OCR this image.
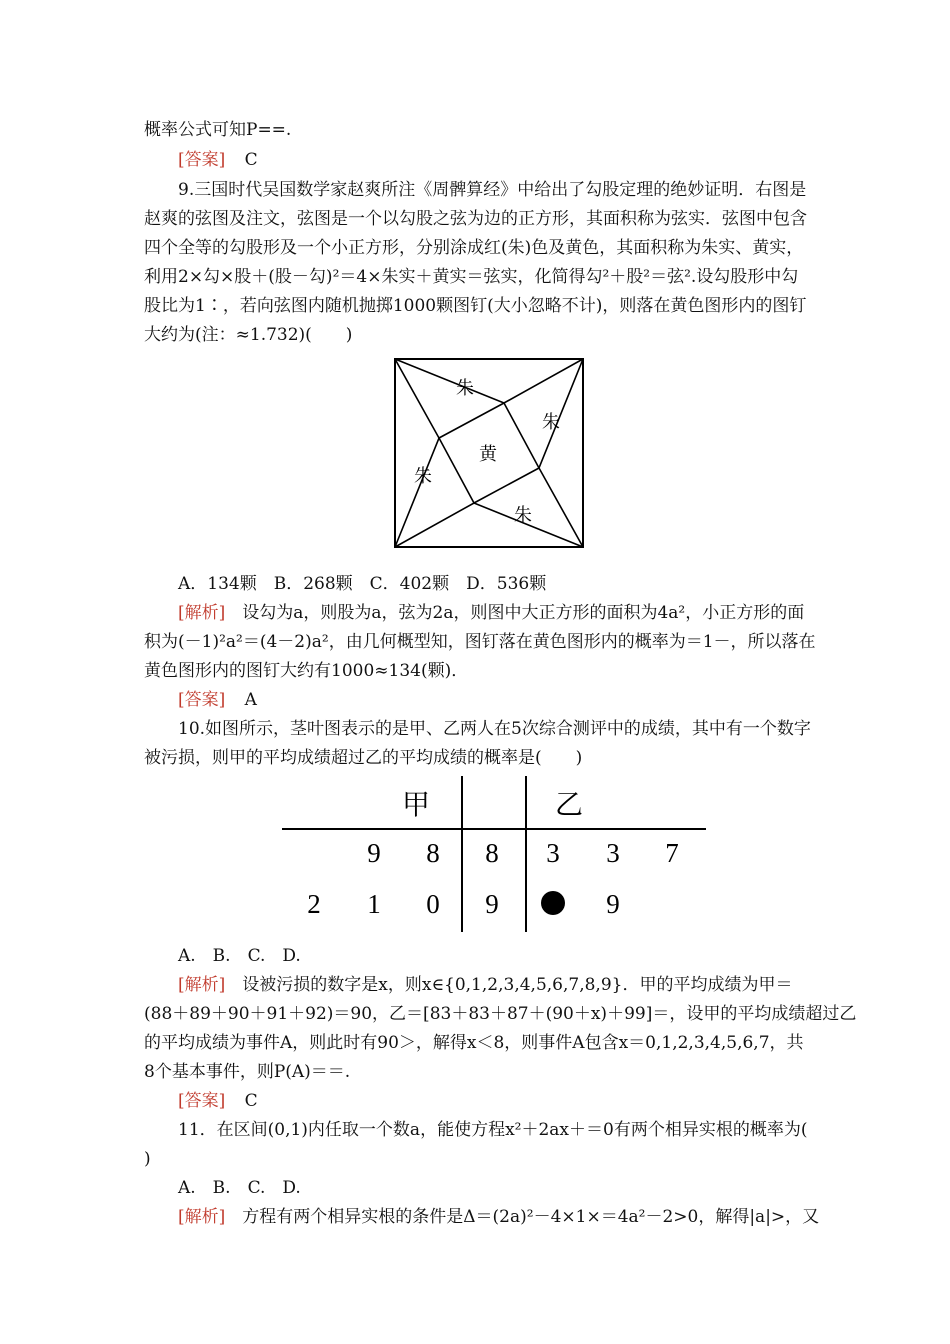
概率公式可知P==.
[答案] C
9.三国时代吴国数学家赵爽所注《周髀算经》中给出了勾股定理的绝妙证明．右图是
赵爽的弦图及注文，弦图是一个以勾股之弦为边的正方形，其面积称为弦实．弦图中包含
四个全等的勾股形及一个小正方形，分别涂成红(朱)色及黄色，其面积称为朱实、黄实，
利用2×勾×股＋(股－勾)²＝4×朱实＋黄实＝弦实，化简得勾²＋股²＝弦².设勾股形中勾
股比为1∶，若向弦图内随机抛掷1000颗图钉(大小忽略不计)，则落在黄色图形内的图钉
大约为(注：≈1.732)(　　)
朱
朱
朱
朱
黄
A．134颗　B．268颗　C．402颗　D．536颗
[解析]　设勾为a，则股为a，弦为2a，则图中大正方形的面积为4a²，小正方形的面
积为(－1)²a²＝(4－2)a²，由几何概型知，图钉落在黄色图形内的概率为＝1－，所以落在
黄色图形内的图钉大约有1000≈134(颗)．
[答案] A
10.如图所示，茎叶图表示的是甲、乙两人在5次综合测评中的成绩，其中有一个数字
被污损，则甲的平均成绩超过乙的平均成绩的概率是(　　)
甲	乙
9 8 8 3 3 7
2 1 0 9	9
A.　B.　C.　D.
[解析]　设被污损的数字是x，则x∈{0,1,2,3,4,5,6,7,8,9}．甲的平均成绩为甲＝
(88＋89＋90＋91＋92)＝90，乙＝[83＋83＋87＋(90＋x)＋99]＝，设甲的平均成绩超过乙
的平均成绩为事件A，则此时有90＞，解得x＜8，则事件A包含x＝0,1,2,3,4,5,6,7，共
8个基本事件，则P(A)＝＝.
[答案] C
11．在区间(0,1)内任取一个数a，能使方程x²＋2ax＋＝0有两个相异实根的概率为(
)
A.　B.　C.　D.
[解析]　方程有两个相异实根的条件是Δ＝(2a)²－4×1×＝4a²－2>0，解得|a|>，又
